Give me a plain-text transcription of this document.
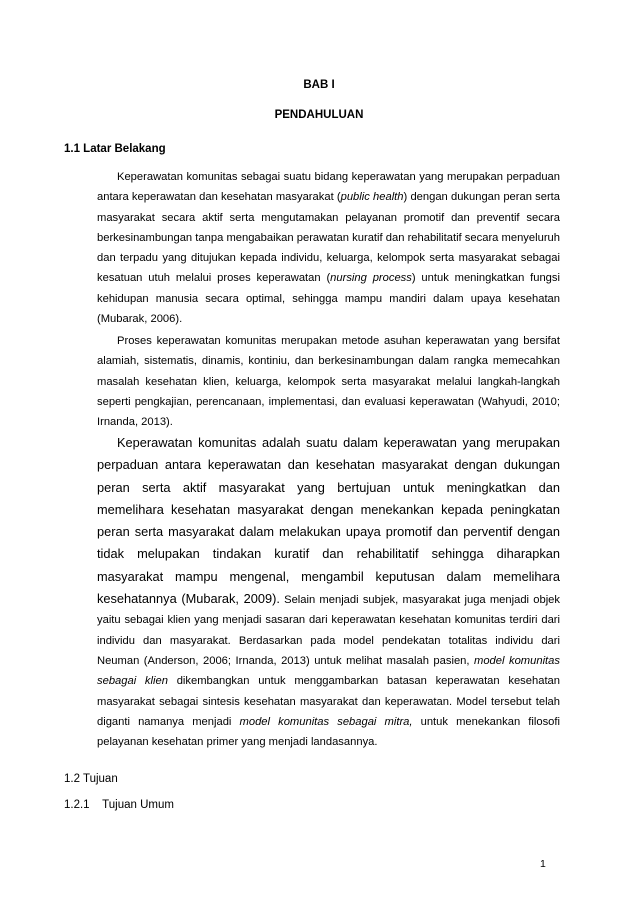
BAB I
PENDAHULUAN
1.1 Latar Belakang

Keperawatan komunitas sebagai suatu bidang keperawatan yang merupakan perpaduan antara keperawatan dan kesehatan masyarakat (public health) dengan dukungan peran serta masyarakat secara aktif serta mengutamakan pelayanan promotif dan preventif secara berkesinambungan tanpa mengabaikan perawatan kuratif dan rehabilitatif secara menyeluruh dan terpadu yang ditujukan kepada individu, keluarga, kelompok serta masyarakat sebagai kesatuan utuh melalui proses keperawatan (nursing process) untuk meningkatkan fungsi kehidupan manusia secara optimal, sehingga mampu mandiri dalam upaya kesehatan (Mubarak, 2006).

Proses keperawatan komunitas merupakan metode asuhan keperawatan yang bersifat alamiah, sistematis, dinamis, kontiniu, dan berkesinambungan dalam rangka memecahkan masalah kesehatan klien, keluarga, kelompok serta masyarakat melalui langkah-langkah seperti pengkajian, perencanaan, implementasi, dan evaluasi keperawatan (Wahyudi, 2010; Irnanda, 2013).

Keperawatan komunitas adalah suatu dalam keperawatan yang merupakan perpaduan antara keperawatan dan kesehatan masyarakat dengan dukungan peran serta aktif masyarakat yang bertujuan untuk meningkatkan dan memelihara kesehatan masyarakat dengan menekankan kepada peningkatan peran serta masyarakat dalam melakukan upaya promotif dan perventif dengan tidak melupakan tindakan kuratif dan rehabilitatif sehingga diharapkan masyarakat mampu mengenal, mengambil keputusan dalam memelihara kesehatannya (Mubarak, 2009). Selain menjadi subjek, masyarakat juga menjadi objek yaitu sebagai klien yang menjadi sasaran dari keperawatan kesehatan komunitas terdiri dari individu dan masyarakat. Berdasarkan pada model pendekatan totalitas individu dari Neuman (Anderson, 2006; Irnanda, 2013) untuk melihat masalah pasien, model komunitas sebagai klien dikembangkan untuk menggambarkan batasan keperawatan kesehatan masyarakat sebagai sintesis kesehatan masyarakat dan keperawatan. Model tersebut telah diganti namanya menjadi model komunitas sebagai mitra, untuk menekankan filosofi pelayanan kesehatan primer yang menjadi landasannya.

1.2 Tujuan
1.2.1    Tujuan Umum
1
